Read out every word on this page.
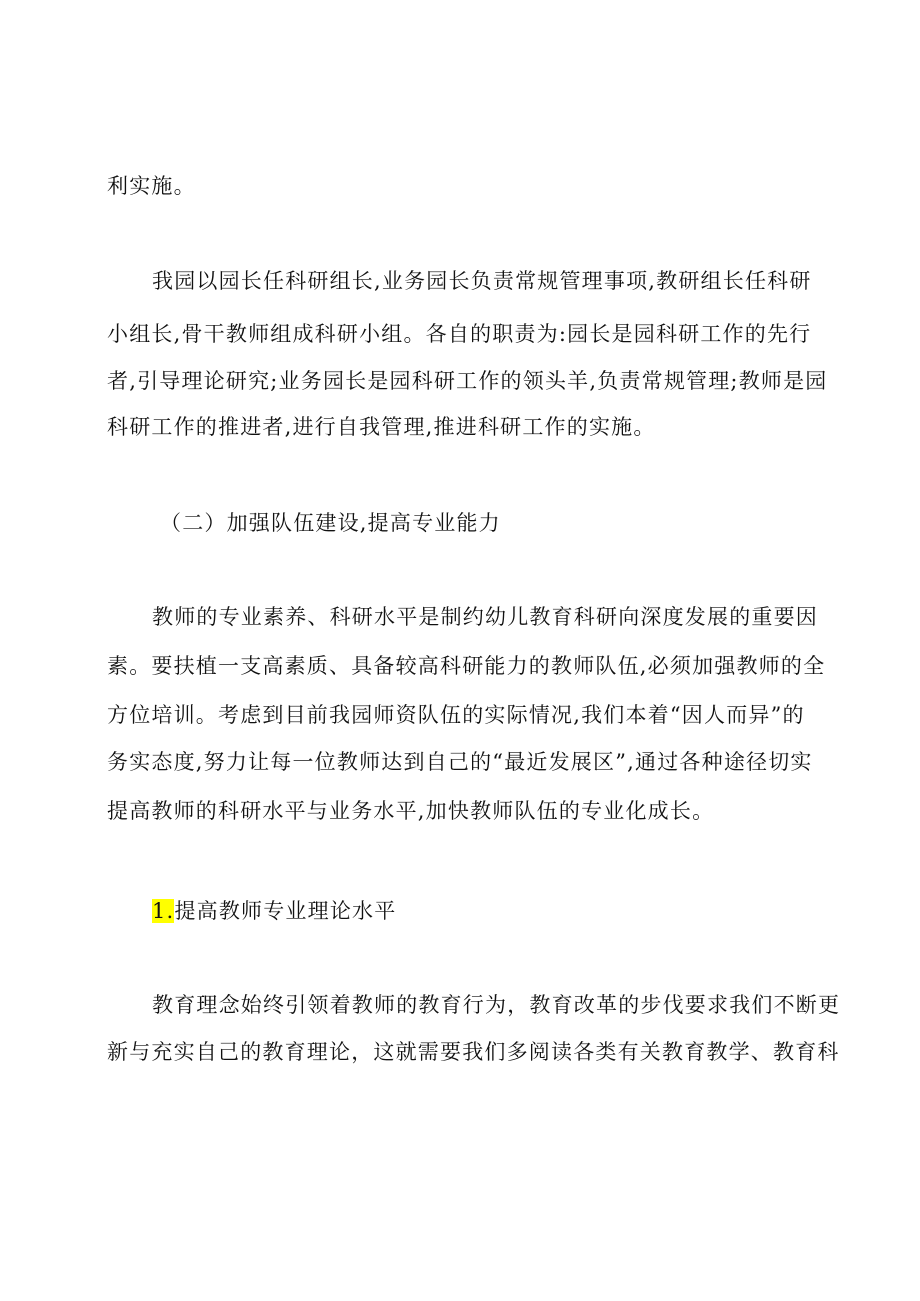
利实施。
我园以园长任科研组长,业务园长负责常规管理事项,教研组长任科研
小组长,骨干教师组成科研小组。各自的职责为:园长是园科研工作的先行
者,引导理论研究;业务园长是园科研工作的领头羊,负责常规管理;教师是园
科研工作的推进者,进行自我管理,推进科研工作的实施。
（二）加强队伍建设,提高专业能力
教师的专业素养、科研水平是制约幼儿教育科研向深度发展的重要因
素。要扶植一支高素质、具备较高科研能力的教师队伍,必须加强教师的全
方位培训。考虑到目前我园师资队伍的实际情况,我们本着“因人而异”的
务实态度,努力让每一位教师达到自己的“最近发展区”,通过各种途径切实
提高教师的科研水平与业务水平,加快教师队伍的专业化成长。
1.提高教师专业理论水平
教育理念始终引领着教师的教育行为，教育改革的步伐要求我们不断更
新与充实自己的教育理论，这就需要我们多阅读各类有关教育教学、教育科
